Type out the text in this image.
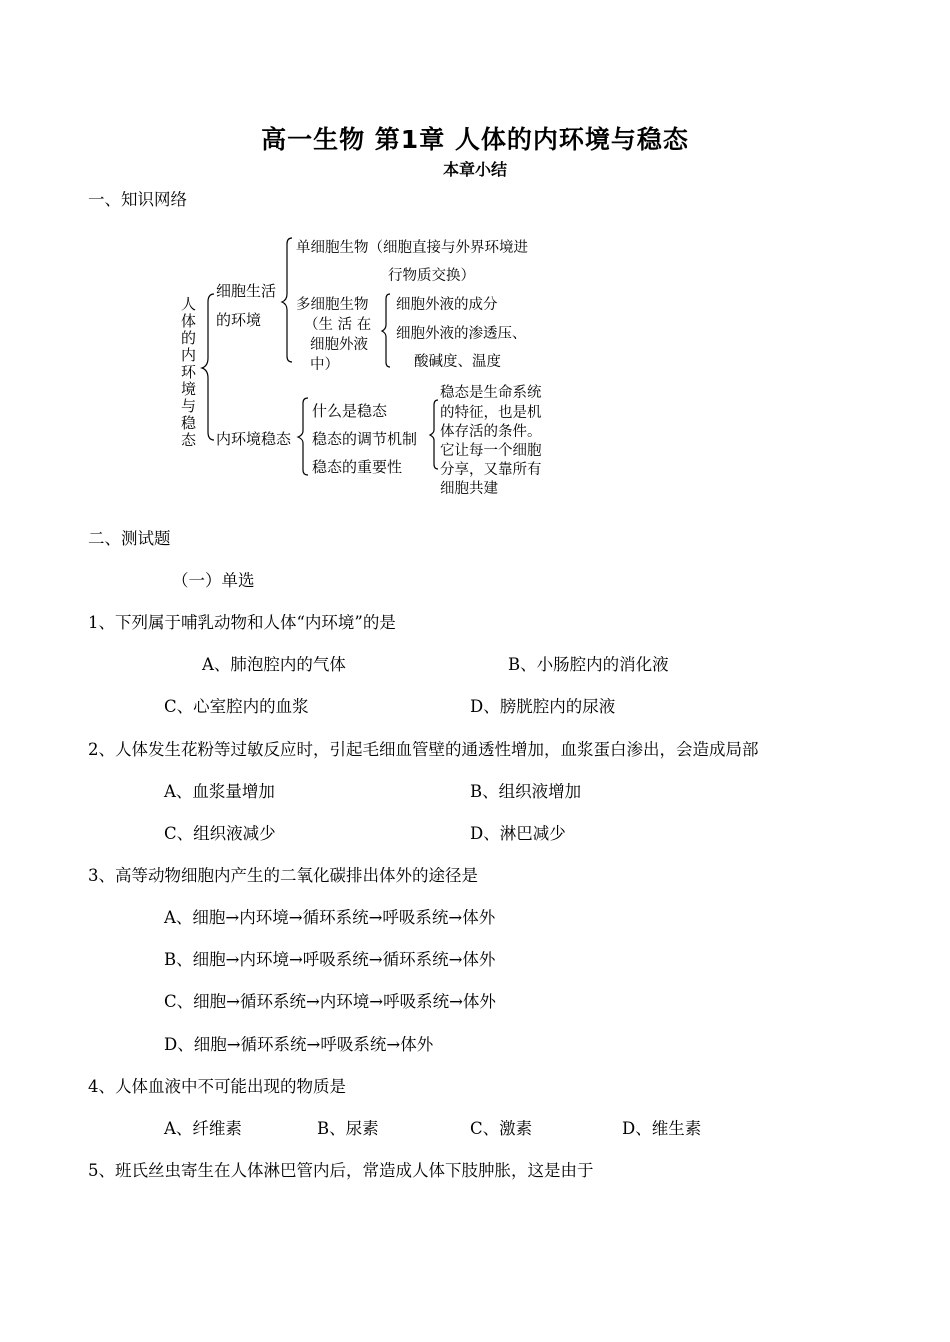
高一生物 第1章 人体的内环境与稳态
本章小结
一、知识网络
人体的内环境与稳态
细胞生活
的环境
单细胞生物（细胞直接与外界环境进
行物质交换）
多细胞生物
（生 活 在
细胞外液
中）
细胞外液的成分
细胞外液的渗透压、
酸碱度、温度
内环境稳态
什么是稳态
稳态的调节机制
稳态的重要性
稳态是生命系统
的特征，也是机
体存活的条件。
它让每一个细胞
分享，又靠所有
细胞共建
二、测试题
（一）单选
1、下列属于哺乳动物和人体“内环境”的是
A、肺泡腔内的气体	B、小肠腔内的消化液
C、心室腔内的血浆	D、膀胱腔内的尿液
2、人体发生花粉等过敏反应时，引起毛细血管壁的通透性增加，血浆蛋白渗出，会造成局部
A、血浆量增加	B、组织液增加
C、组织液减少	D、淋巴减少
3、高等动物细胞内产生的二氧化碳排出体外的途径是
A、细胞→内环境→循环系统→呼吸系统→体外
B、细胞→内环境→呼吸系统→循环系统→体外
C、细胞→循环系统→内环境→呼吸系统→体外
D、细胞→循环系统→呼吸系统→体外
4、人体血液中不可能出现的物质是
A、纤维素	B、尿素	C、激素	D、维生素
5、班氏丝虫寄生在人体淋巴管内后，常造成人体下肢肿胀，这是由于
